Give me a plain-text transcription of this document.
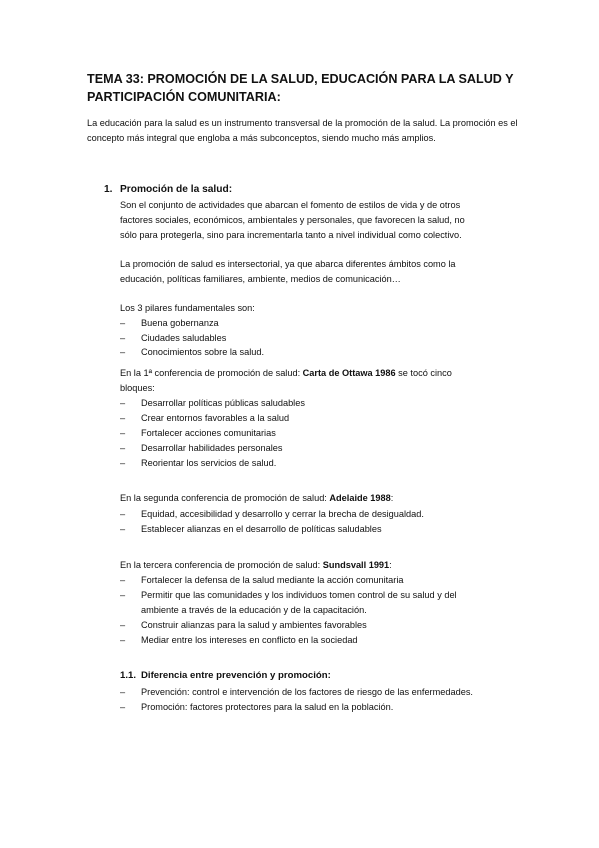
TEMA 33: PROMOCIÓN DE LA SALUD, EDUCACIÓN PARA LA SALUD Y PARTICIPACIÓN COMUNITARIA:

La educación para la salud es un instrumento transversal de la promoción de la salud. La promoción es el concepto más integral que engloba a más subconceptos, siendo mucho más amplios.

1. Promoción de la salud:

Son el conjunto de actividades que abarcan el fomento de estilos de vida y de otros

factores sociales, económicos, ambientales y personales, que favorecen la salud, no

sólo para protegerla, sino para incrementarla tanto a nivel individual como colectivo.

La promoción de salud es intersectorial, ya que abarca diferentes ámbitos como la

educación, políticas familiares, ambiente, medios de comunicación…

Los 3 pilares fundamentales son:

– Buena gobernanza
– Ciudades saludables
– Conocimientos sobre la salud.

En la 1ª conferencia de promoción de salud: Carta de Ottawa 1986 se tocó cinco

bloques:

– Desarrollar políticas públicas saludables
– Crear entornos favorables a la salud
– Fortalecer acciones comunitarias
– Desarrollar habilidades personales
– Reorientar los servicios de salud.

En la segunda conferencia de promoción de salud: Adelaide 1988:

– Equidad, accesibilidad y desarrollo y cerrar la brecha de desigualdad.
– Establecer alianzas en el desarrollo de políticas saludables

En la tercera conferencia de promoción de salud: Sundsvall 1991:

– Fortalecer la defensa de la salud mediante la acción comunitaria
– Permitir que las comunidades y los individuos tomen control de su salud y del
ambiente a través de la educación y de la capacitación.
– Construir alianzas para la salud y ambientes favorables
– Mediar entre los intereses en conflicto en la sociedad
1.1. Diferencia entre prevención y promoción:
– Prevención: control e intervención de los factores de riesgo de las enfermedades.
– Promoción: factores protectores para la salud en la población.
